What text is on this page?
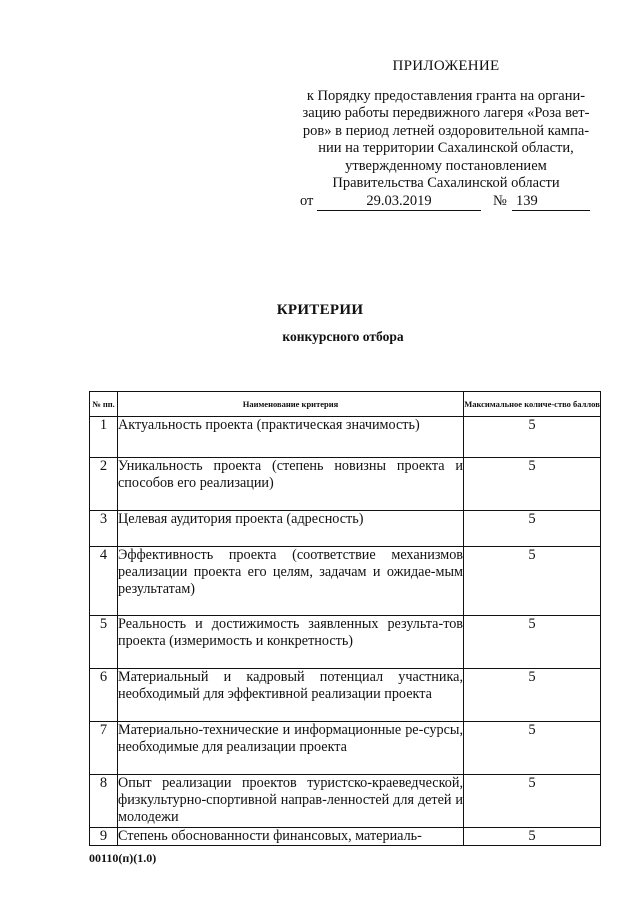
ПРИЛОЖЕНИЕ
к Порядку предоставления гранта на органи-
зацию работы передвижного лагеря «Роза вет-
ров» в период летней оздоровительной кампа-
нии на территории Сахалинской области,
утвержденному постановлением
Правительства Сахалинской области
от	29.03.2019	№ 139
КРИТЕРИИ
конкурсного отбора
№ пп.	Наименование критерия	Максимальное количе-ство баллов
1	Актуальность проекта (практическая значимость)	5
2	Уникальность проекта (степень новизны проекта и способов его реализации)	5
3	Целевая аудитория проекта (адресность)	5
4	Эффективность проекта (соответствие механизмов реализации проекта его целям, задачам и ожидае-мым результатам)	5
5	Реальность и достижимость заявленных результа-тов проекта (измеримость и конкретность)	5
6	Материальный и кадровый потенциал участника, необходимый для эффективной реализации проекта	5
7	Материально-технические и информационные ре-сурсы, необходимые для реализации проекта	5
8	Опыт реализации проектов туристско-краеведческой, физкультурно-спортивной направ-ленностей для детей и молодежи	5
9	Степень обоснованности финансовых, материаль-	5
00110(п)(1.0)
